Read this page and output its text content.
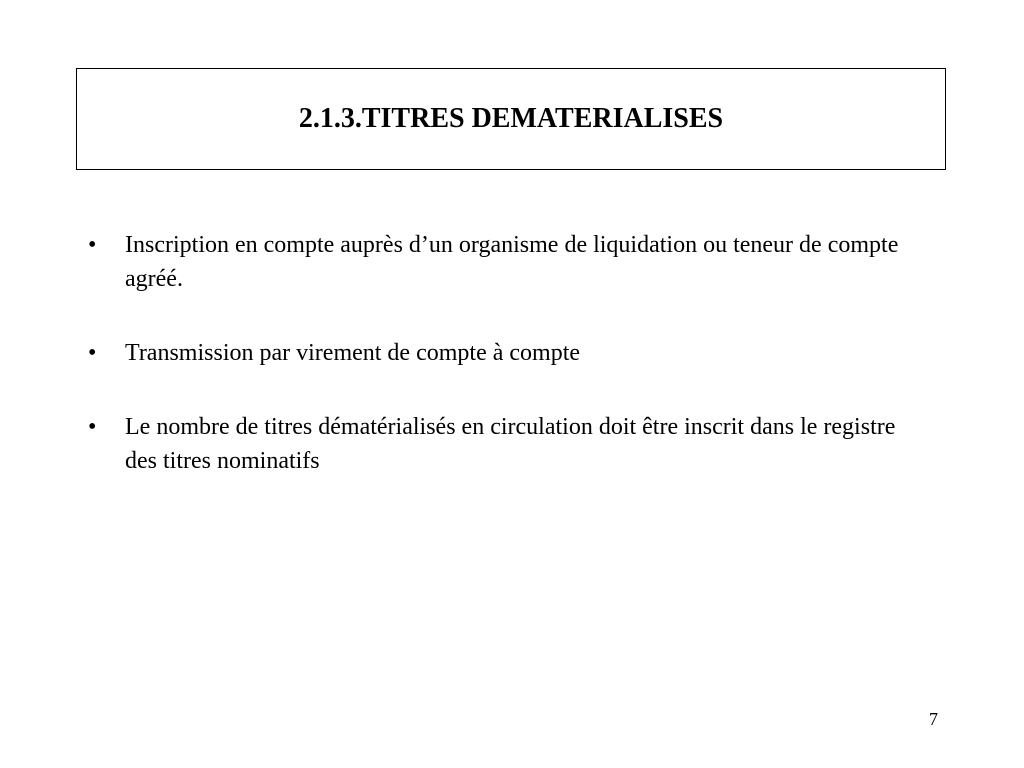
2.1.3.TITRES DEMATERIALISES
•	Inscription en compte auprès d’un organisme de liquidation ou teneur de compte agréé.
•	Transmission par virement de compte à compte
•	Le nombre de titres dématérialisés en circulation doit être inscrit dans le registre des titres nominatifs
7
